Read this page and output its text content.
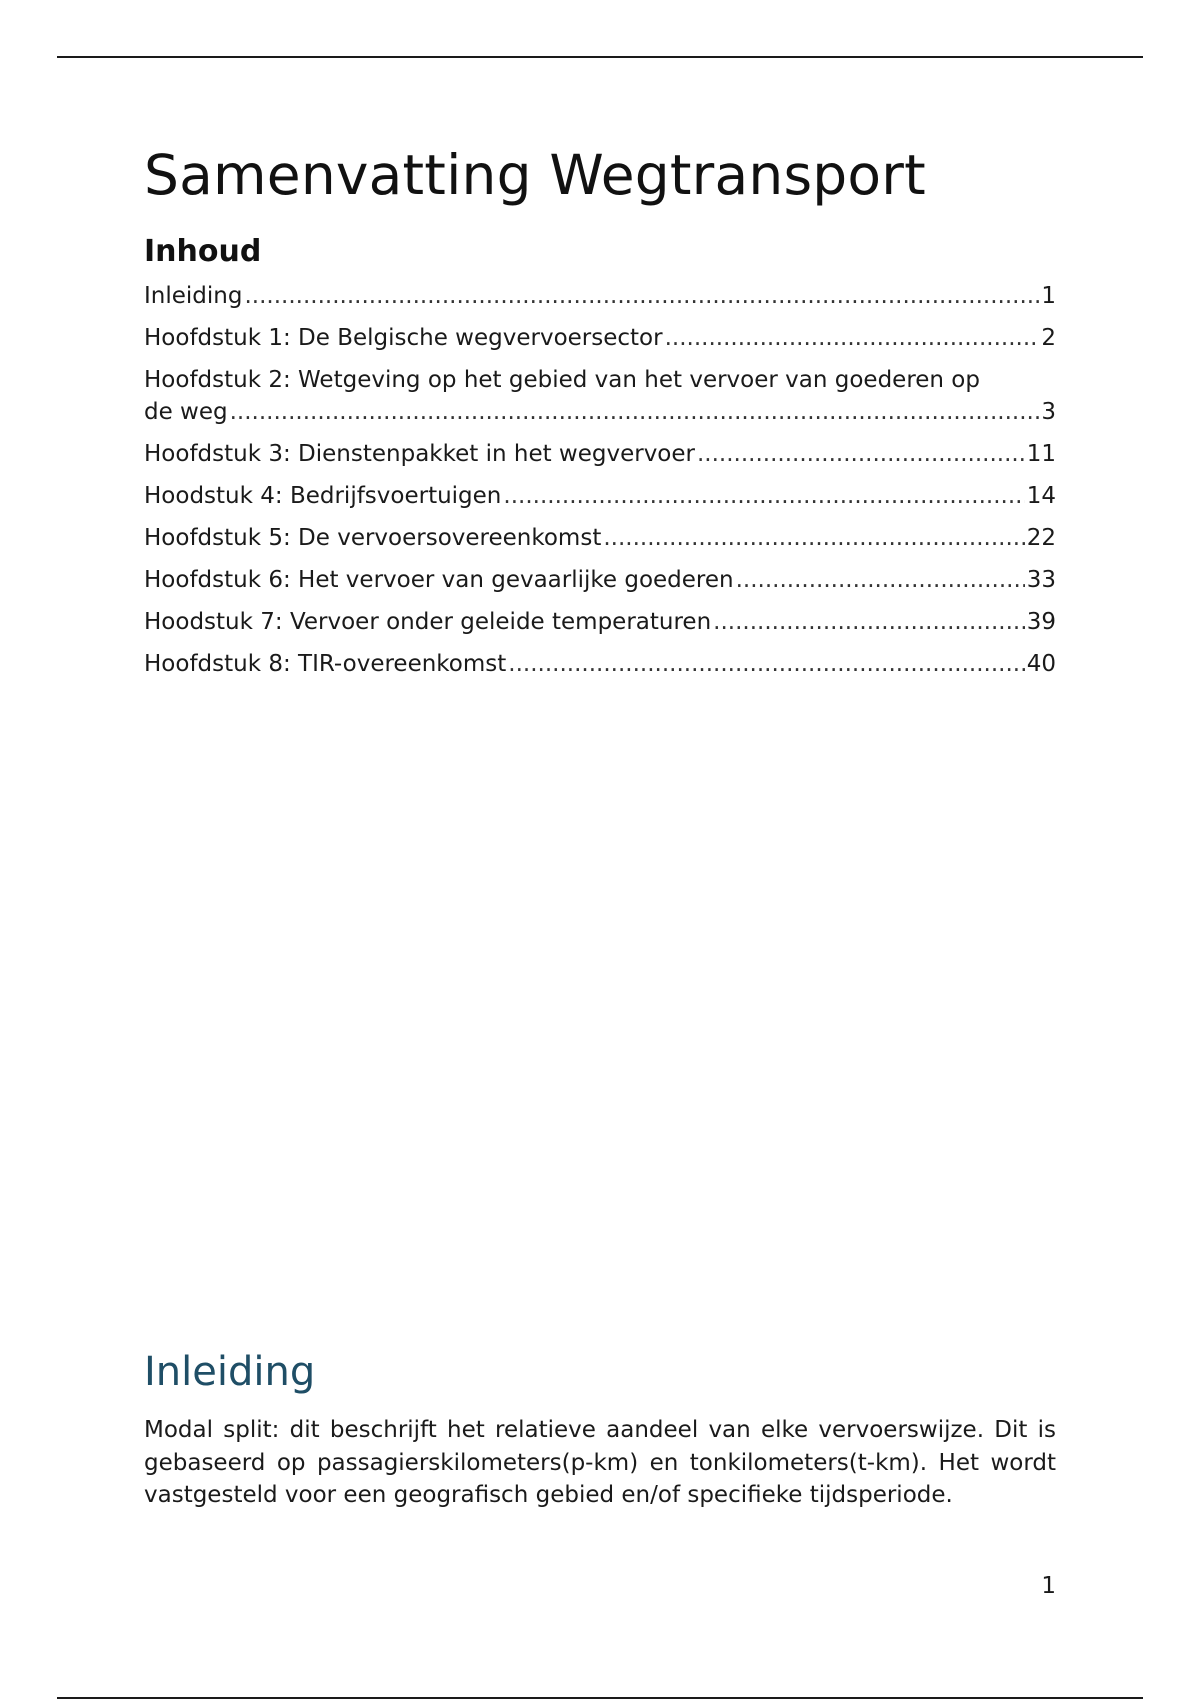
Samenvatting Wegtransport
Inhoud
Inleiding .....	1
Hoofdstuk 1: De Belgische wegvervoersector .....	2
Hoofdstuk 2: Wetgeving op het gebied van het vervoer van goederen op
de weg .....	3
Hoofdstuk 3: Dienstenpakket in het wegvervoer .....	11
Hoodstuk 4: Bedrijfsvoertuigen .....	14
Hoofdstuk 5: De vervoersovereenkomst .....	22
Hoofdstuk 6: Het vervoer van gevaarlijke goederen .....	33
Hoodstuk 7: Vervoer onder geleide temperaturen .....	39
Hoofdstuk 8: TIR-overeenkomst .....	40
Inleiding

Modal split: dit beschrijft het relatieve aandeel van elke vervoerswijze. Dit is gebaseerd op passagierskilometers(p-km) en tonkilometers(t-km). Het wordt vastgesteld voor een geografisch gebied en/of specifieke tijdsperiode.

1
